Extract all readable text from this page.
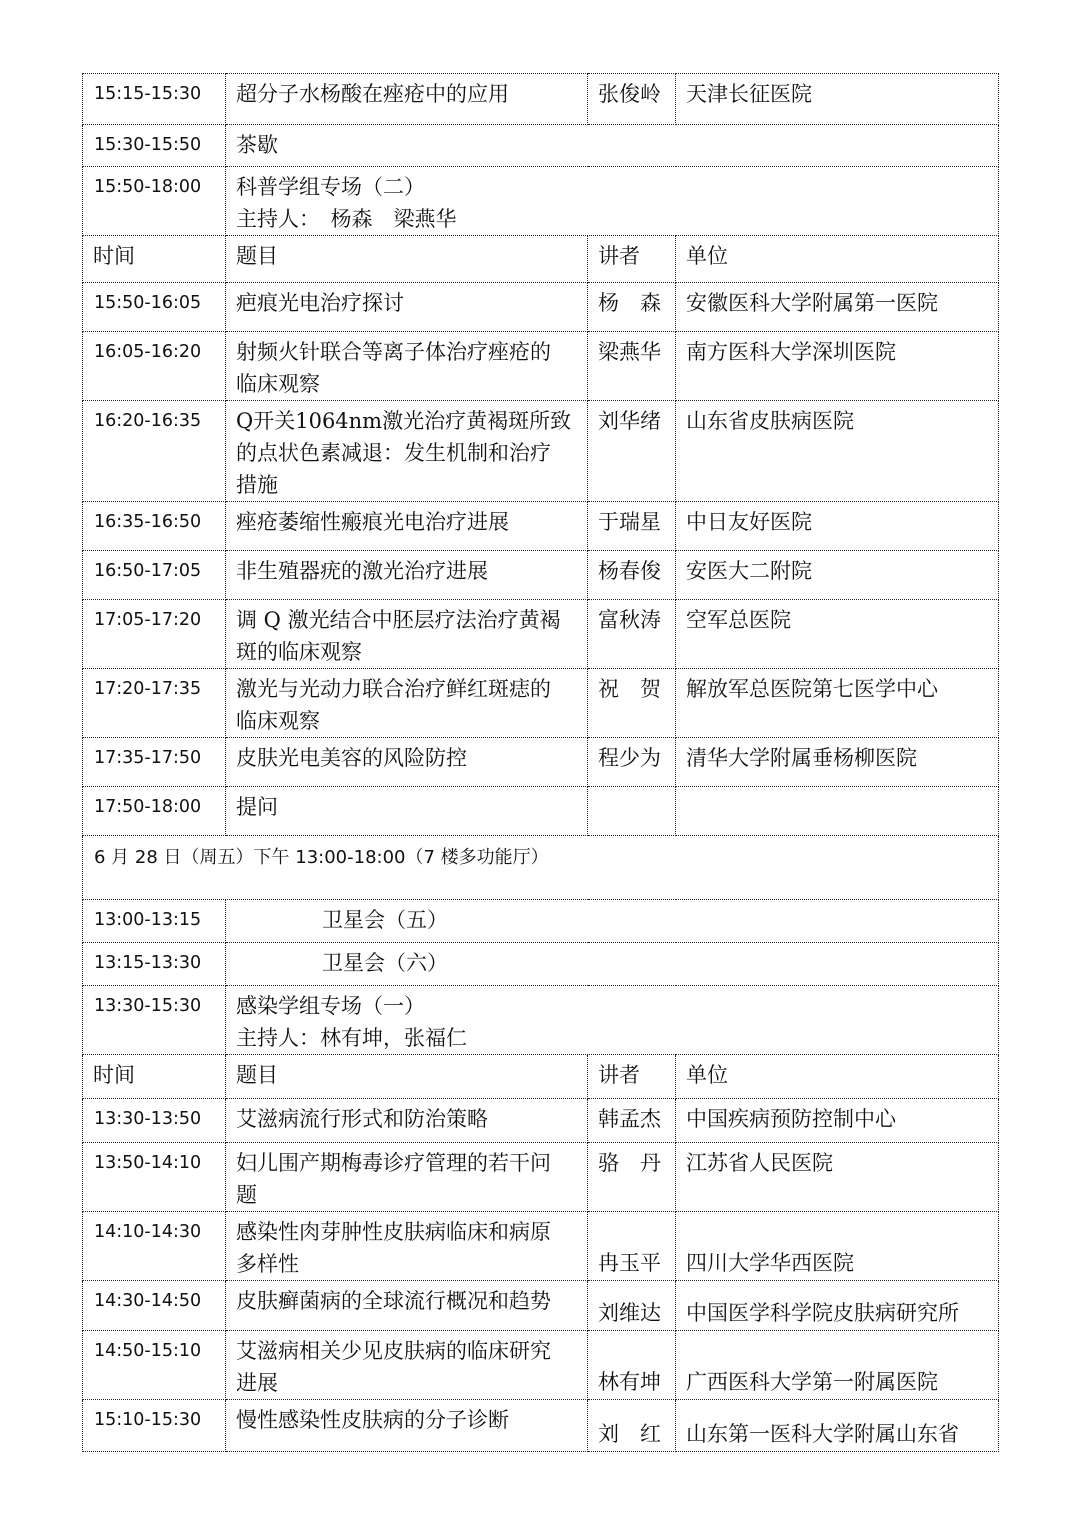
15:15-15:30	超分子水杨酸在痤疮中的应用	张俊岭	天津长征医院

15:30-15:50	茶歇		

15:50-18:00	科普学组专场（二）
主持人：　杨森　梁燕华		

时间	题目	讲者	单位

15:50-16:05	疤痕光电治疗探讨	杨　森	安徽医科大学附属第一医院

16:05-16:20	射频火针联合等离子体治疗痤疮的
临床观察	梁燕华	南方医科大学深圳医院

16:20-16:35	Q开关1064nm激光治疗黄褐斑所致
的点状色素减退：发生机制和治疗
措施	刘华绪	山东省皮肤病医院

16:35-16:50	痤疮萎缩性瘢痕光电治疗进展	于瑞星	中日友好医院

16:50-17:05	非生殖器疣的激光治疗进展	杨春俊	安医大二附院

17:05-17:20	调 Q 激光结合中胚层疗法治疗黄褐
斑的临床观察	富秋涛	空军总医院

17:20-17:35	激光与光动力联合治疗鲜红斑痣的
临床观察	祝　贺	解放军总医院第七医学中心

17:35-17:50	皮肤光电美容的风险防控	程少为	清华大学附属垂杨柳医院

17:50-18:00	提问		

6 月 28 日（周五）下午 13:00-18:00（7 楼多功能厅）			

13:00-13:15	卫星会（五）		

13:15-13:30	卫星会（六）		

13:30-15:30	感染学组专场（一）
主持人：林有坤，张福仁		

时间	题目	讲者	单位

13:30-13:50	艾滋病流行形式和防治策略	韩孟杰	中国疾病预防控制中心

13:50-14:10	妇儿围产期梅毒诊疗管理的若干问
题	骆　丹	江苏省人民医院

14:10-14:30	感染性肉芽肿性皮肤病临床和病原
多样性	冉玉平	四川大学华西医院

14:30-14:50	皮肤癣菌病的全球流行概况和趋势	刘维达	中国医学科学院皮肤病研究所

14:50-15:10	艾滋病相关少见皮肤病的临床研究
进展	林有坤	广西医科大学第一附属医院

15:10-15:30	慢性感染性皮肤病的分子诊断	刘　红	山东第一医科大学附属山东省
